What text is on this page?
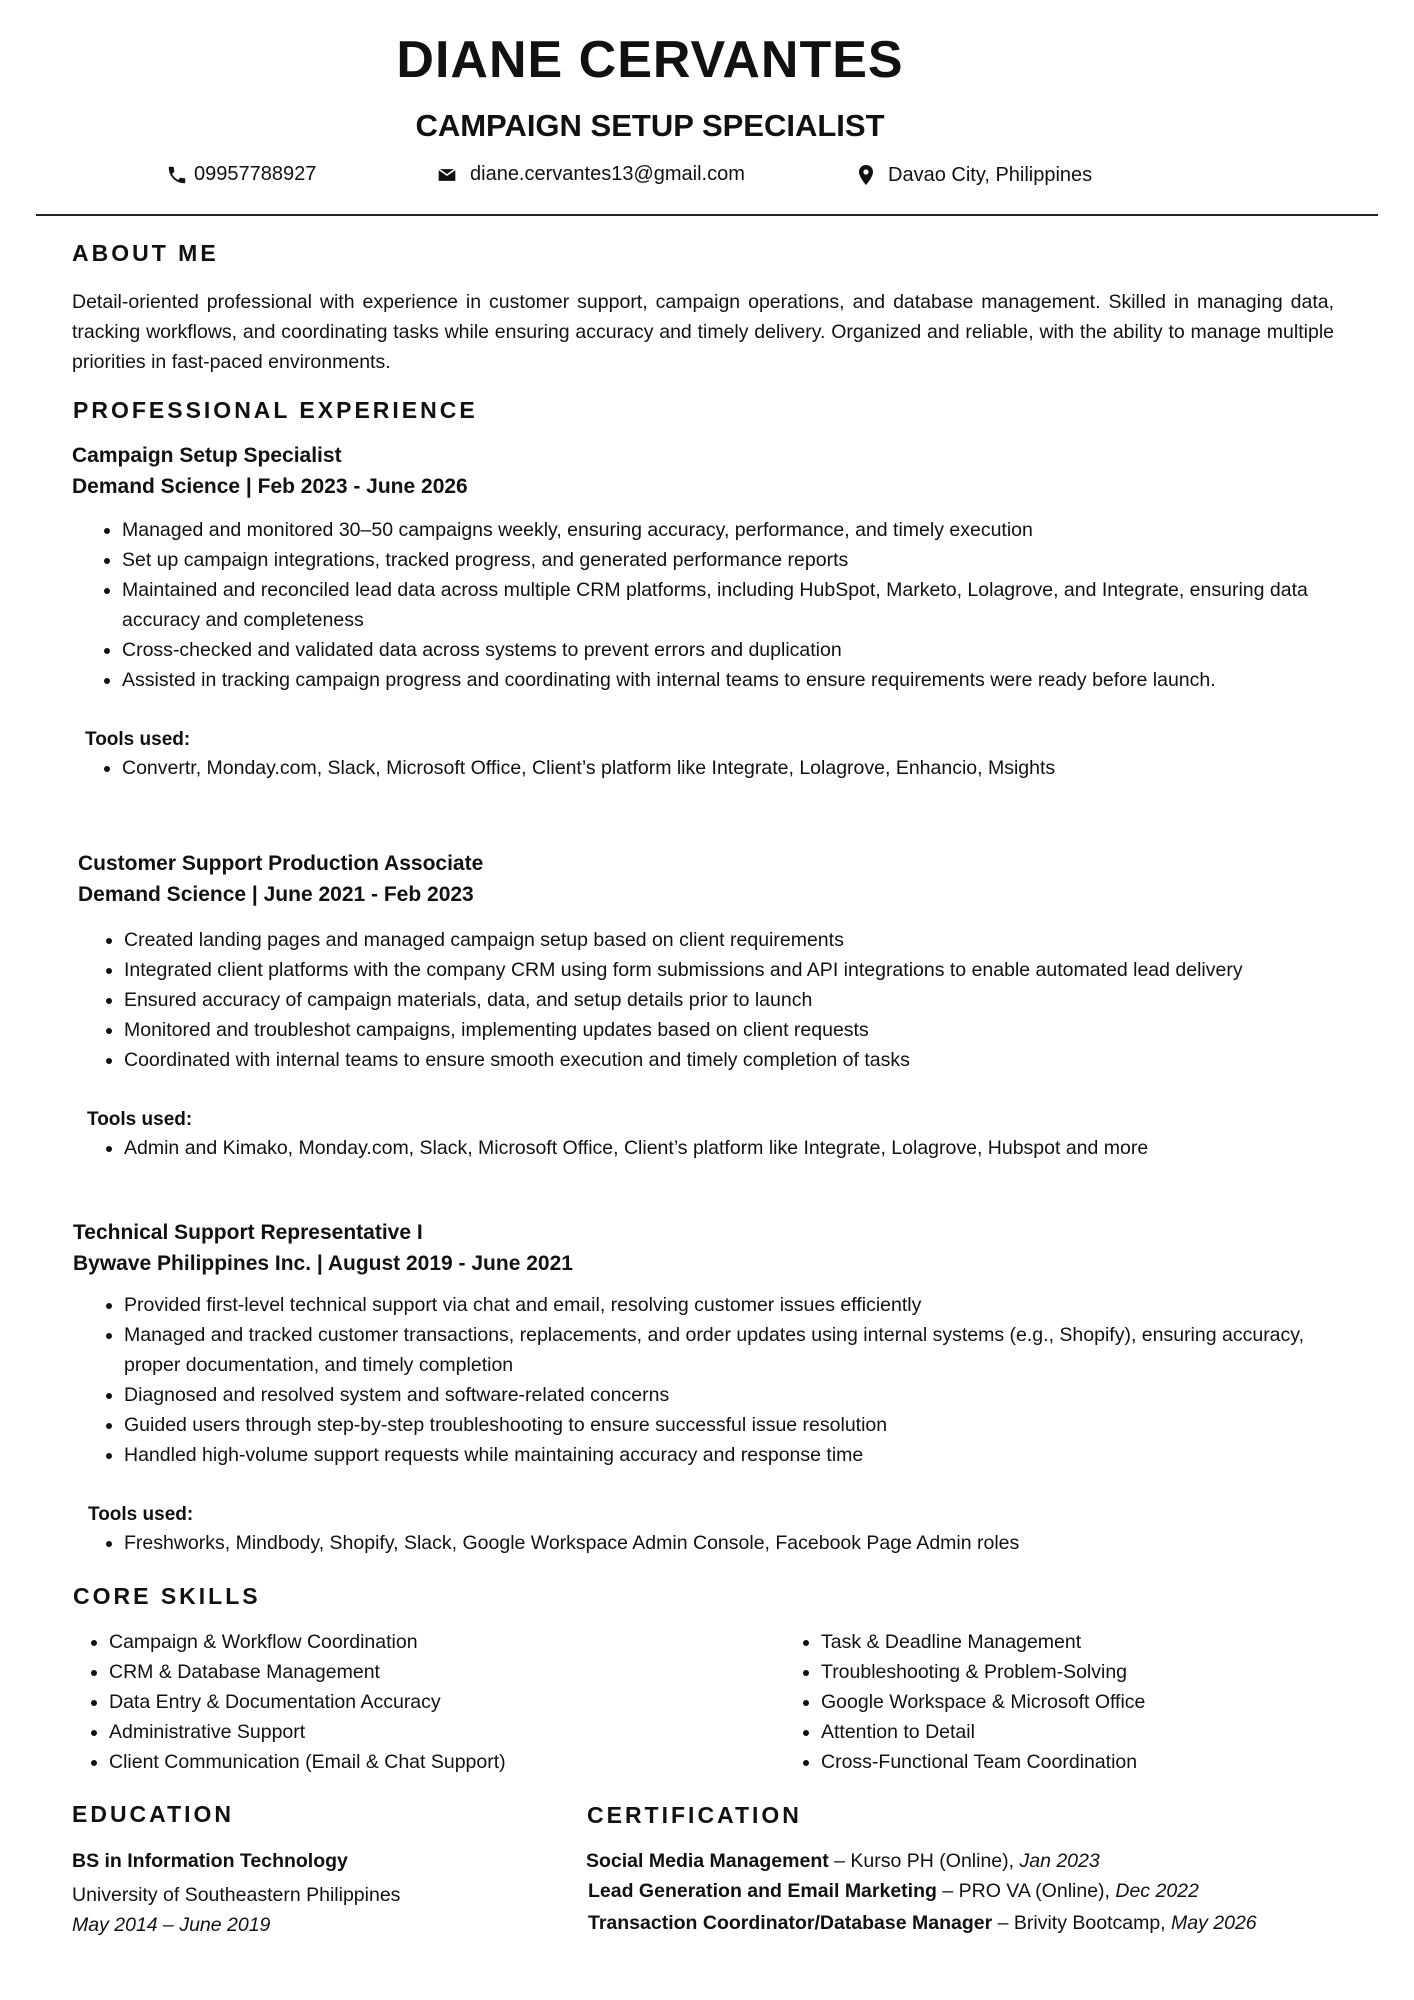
DIANE CERVANTES
CAMPAIGN SETUP SPECIALIST
09957788927	diane.cervantes13@gmail.com	Davao City, Philippines
ABOUT ME
Detail-oriented professional with experience in customer support, campaign operations, and database management. Skilled in managing data, tracking workflows, and coordinating tasks while ensuring accuracy and timely delivery. Organized and reliable, with the ability to manage multiple priorities in fast-paced environments.
PROFESSIONAL EXPERIENCE
Campaign Setup Specialist
Demand Science | Feb 2023 - June 2026
• Managed and monitored 30–50 campaigns weekly, ensuring accuracy, performance, and timely execution
• Set up campaign integrations, tracked progress, and generated performance reports
• Maintained and reconciled lead data across multiple CRM platforms, including HubSpot, Marketo, Lolagrove, and Integrate, ensuring data accuracy and completeness
• Cross-checked and validated data across systems to prevent errors and duplication
• Assisted in tracking campaign progress and coordinating with internal teams to ensure requirements were ready before launch.
Tools used:
• Convertr, Monday.com, Slack, Microsoft Office, Client’s platform like Integrate, Lolagrove, Enhancio, Msights
Customer Support Production Associate
Demand Science | June 2021 - Feb 2023
• Created landing pages and managed campaign setup based on client requirements
• Integrated client platforms with the company CRM using form submissions and API integrations to enable automated lead delivery
• Ensured accuracy of campaign materials, data, and setup details prior to launch
• Monitored and troubleshot campaigns, implementing updates based on client requests
• Coordinated with internal teams to ensure smooth execution and timely completion of tasks
Tools used:
• Admin and Kimako, Monday.com, Slack, Microsoft Office, Client’s platform like Integrate, Lolagrove, Hubspot and more
Technical Support Representative I
Bywave Philippines Inc. | August 2019 - June 2021
• Provided first-level technical support via chat and email, resolving customer issues efficiently
• Managed and tracked customer transactions, replacements, and order updates using internal systems (e.g., Shopify), ensuring accuracy, proper documentation, and timely completion
• Diagnosed and resolved system and software-related concerns
• Guided users through step-by-step troubleshooting to ensure successful issue resolution
• Handled high-volume support requests while maintaining accuracy and response time
Tools used:
• Freshworks, Mindbody, Shopify, Slack, Google Workspace Admin Console, Facebook Page Admin roles
CORE SKILLS
• Campaign & Workflow Coordination
• CRM & Database Management
• Data Entry & Documentation Accuracy
• Administrative Support
• Client Communication (Email & Chat Support)
• Task & Deadline Management
• Troubleshooting & Problem-Solving
• Google Workspace & Microsoft Office
• Attention to Detail
• Cross-Functional Team Coordination
EDUCATION
BS in Information Technology
University of Southeastern Philippines
May 2014 – June 2019
CERTIFICATION
Social Media Management – Kurso PH (Online), Jan 2023
Lead Generation and Email Marketing – PRO VA (Online), Dec 2022
Transaction Coordinator/Database Manager – Brivity Bootcamp, May 2026
